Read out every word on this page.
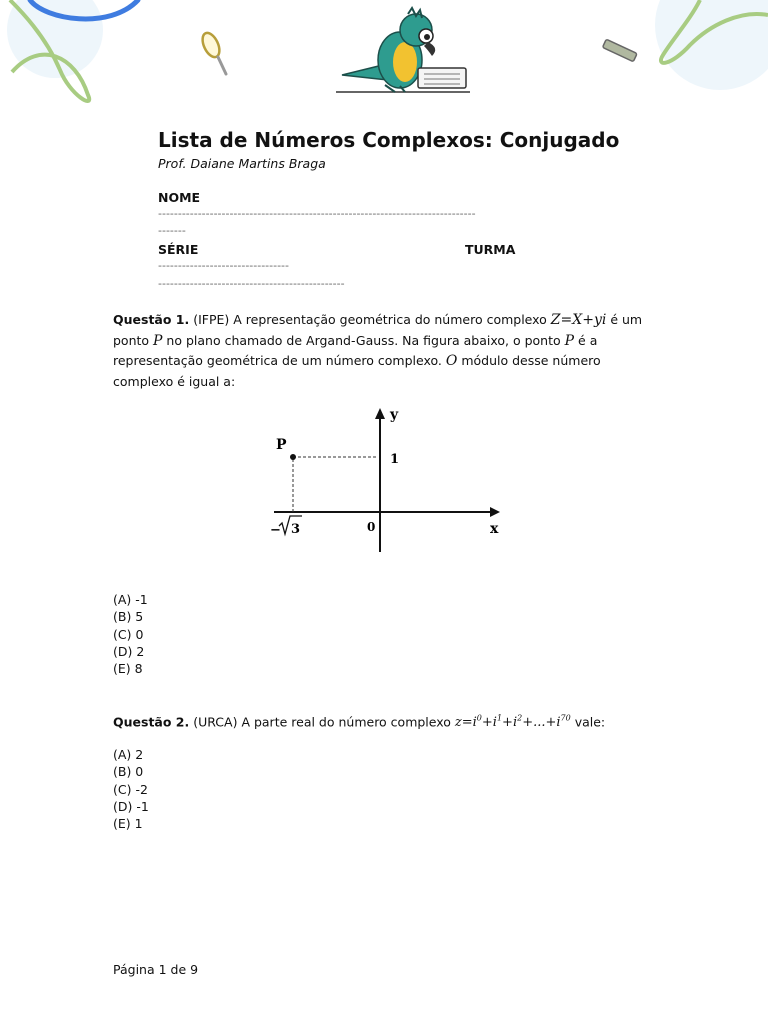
Lista de Números Complexos: Conjugado
Prof. Daiane Martins Braga
NOME
--------------------------------------------------------------------------------
-------
SÉRIE	TURMA
---------------------------------
-----------------------------------------------
Questão 1. (IFPE) A representação geométrica do número complexo Z=X+yi é um ponto P no plano chamado de Argand-Gauss. Na figura abaixo, o ponto P é a representação geométrica de um número complexo. O módulo desse número complexo é igual a:
P
y
x
1
0
− 3
(A) -1
(B) 5
(C) 0
(D) 2
(E) 8
Questão 2. (URCA) A parte real do número complexo $z=i^0+i^1+i^2+...+i^{70}$ vale:
(A) 2
(B) 0
(C) -2
(D) -1
(E) 1
Página 1 de 9
